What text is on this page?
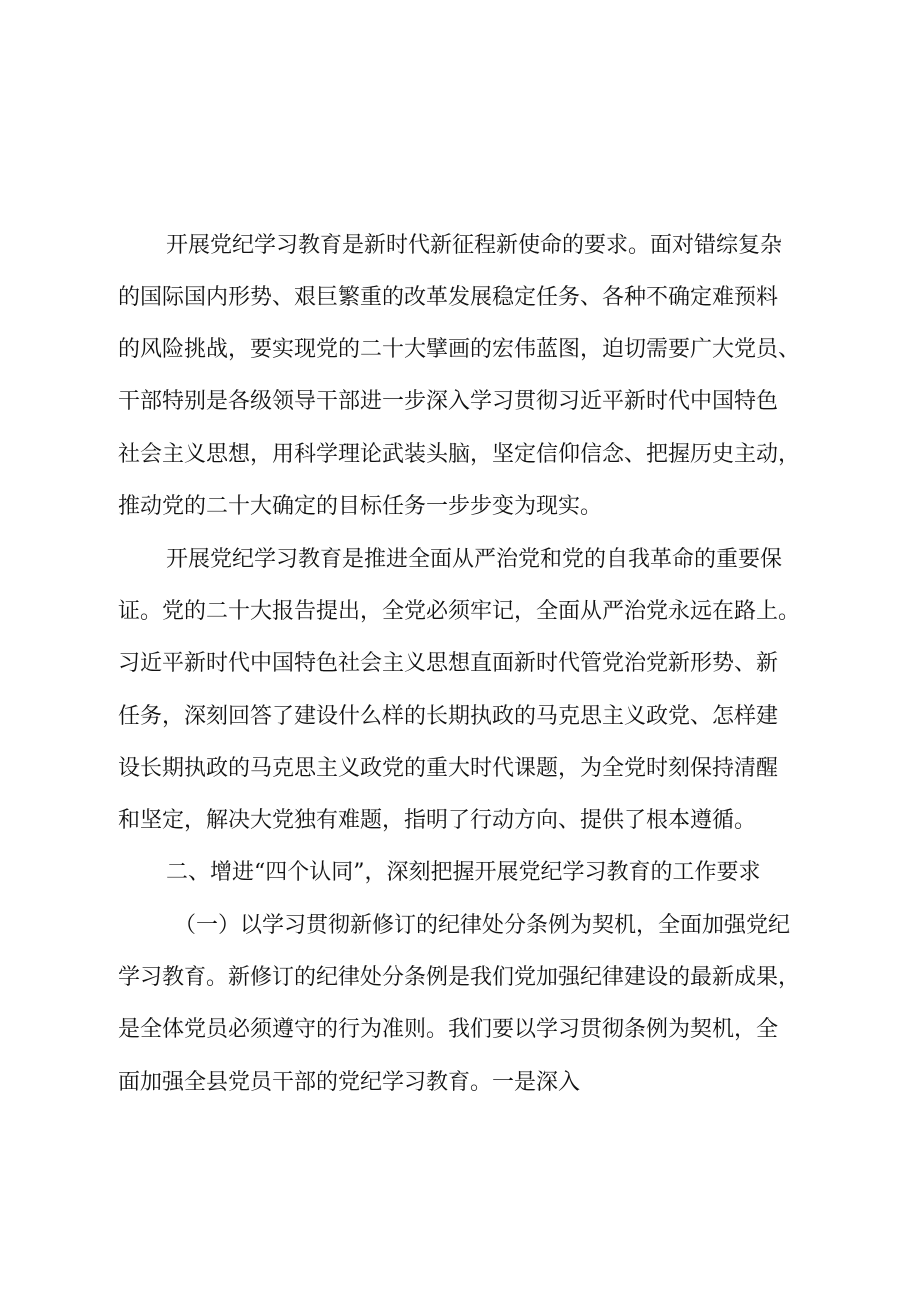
开展党纪学习教育是新时代新征程新使命的要求。面对错综复杂
的国际国内形势、艰巨繁重的改革发展稳定任务、各种不确定难预料
的风险挑战，要实现党的二十大擘画的宏伟蓝图，迫切需要广大党员、
干部特别是各级领导干部进一步深入学习贯彻习近平新时代中国特色
社会主义思想，用科学理论武装头脑，坚定信仰信念、把握历史主动，
推动党的二十大确定的目标任务一步步变为现实。
开展党纪学习教育是推进全面从严治党和党的自我革命的重要保
证。党的二十大报告提出，全党必须牢记，全面从严治党永远在路上。
习近平新时代中国特色社会主义思想直面新时代管党治党新形势、新
任务，深刻回答了建设什么样的长期执政的马克思主义政党、怎样建
设长期执政的马克思主义政党的重大时代课题，为全党时刻保持清醒
和坚定，解决大党独有难题，指明了行动方向、提供了根本遵循。
二、增进“四个认同”，深刻把握开展党纪学习教育的工作要求
（一）以学习贯彻新修订的纪律处分条例为契机，全面加强党纪
学习教育。新修订的纪律处分条例是我们党加强纪律建设的最新成果，
是全体党员必须遵守的行为准则。我们要以学习贯彻条例为契机，全
面加强全县党员干部的党纪学习教育。一是深入
